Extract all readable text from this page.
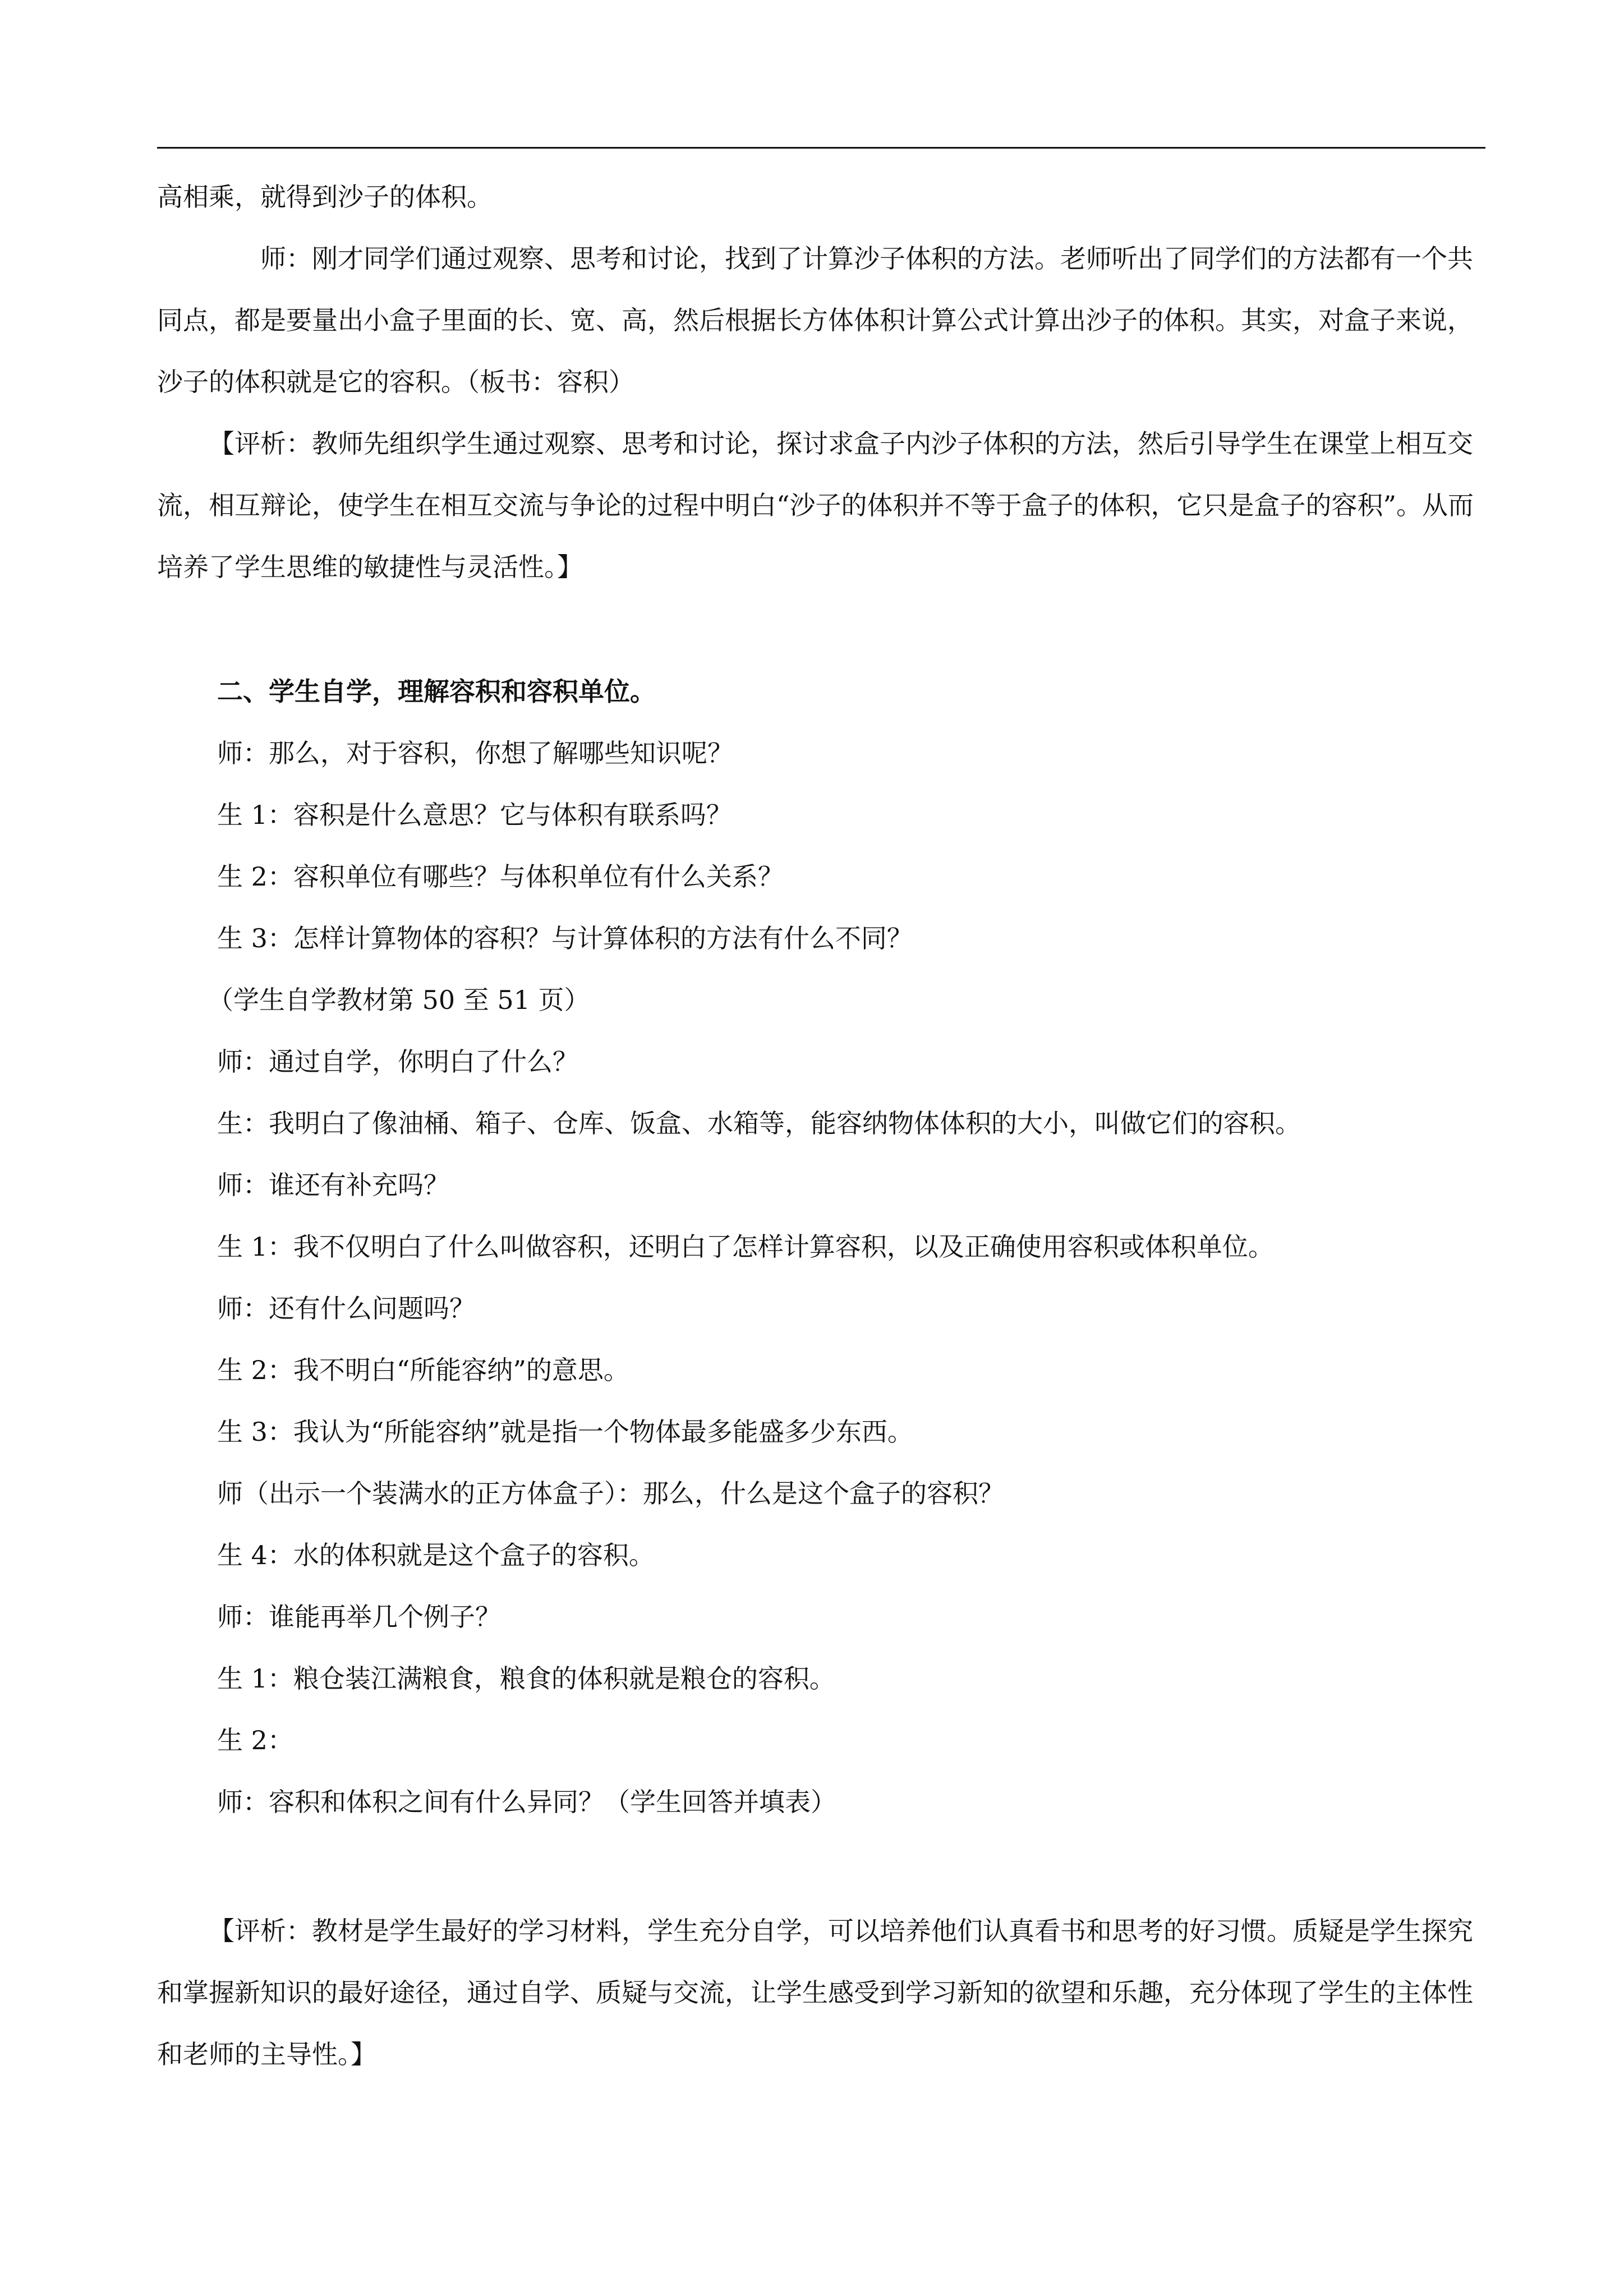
高相乘，就得到沙子的体积。

师：刚才同学们通过观察、思考和讨论，找到了计算沙子体积的方法。老师听出了同学们的方法都有一个共同点，都是要量出小盒子里面的长、宽、高，然后根据长方体体积计算公式计算出沙子的体积。其实，对盒子来说，沙子的体积就是它的容积。（板书：容积）

【评析：教师先组织学生通过观察、思考和讨论，探讨求盒子内沙子体积的方法，然后引导学生在课堂上相互交流，相互辩论，使学生在相互交流与争论的过程中明白“沙子的体积并不等于盒子的体积，它只是盒子的容积”。从而培养了学生思维的敏捷性与灵活性。】

二、学生自学，理解容积和容积单位。

师：那么，对于容积，你想了解哪些知识呢？

生 1：容积是什么意思？它与体积有联系吗？

生 2：容积单位有哪些？与体积单位有什么关系？

生 3：怎样计算物体的容积？与计算体积的方法有什么不同？

（学生自学教材第 50 至 51 页）

师：通过自学，你明白了什么？

生：我明白了像油桶、箱子、仓库、饭盒、水箱等，能容纳物体体积的大小，叫做它们的容积。

师：谁还有补充吗？

生 1：我不仅明白了什么叫做容积，还明白了怎样计算容积，以及正确使用容积或体积单位。

师：还有什么问题吗？

生 2：我不明白“所能容纳”的意思。

生 3：我认为“所能容纳”就是指一个物体最多能盛多少东西。

师（出示一个装满水的正方体盒子）：那么，什么是这个盒子的容积？

生 4：水的体积就是这个盒子的容积。

师：谁能再举几个例子？

生 1：粮仓装江满粮食，粮食的体积就是粮仓的容积。

生 2：

师：容积和体积之间有什么异同？（学生回答并填表）

【评析：教材是学生最好的学习材料，学生充分自学，可以培养他们认真看书和思考的好习惯。质疑是学生探究和掌握新知识的最好途径，通过自学、质疑与交流，让学生感受到学习新知的欲望和乐趣，充分体现了学生的主体性和老师的主导性。】
